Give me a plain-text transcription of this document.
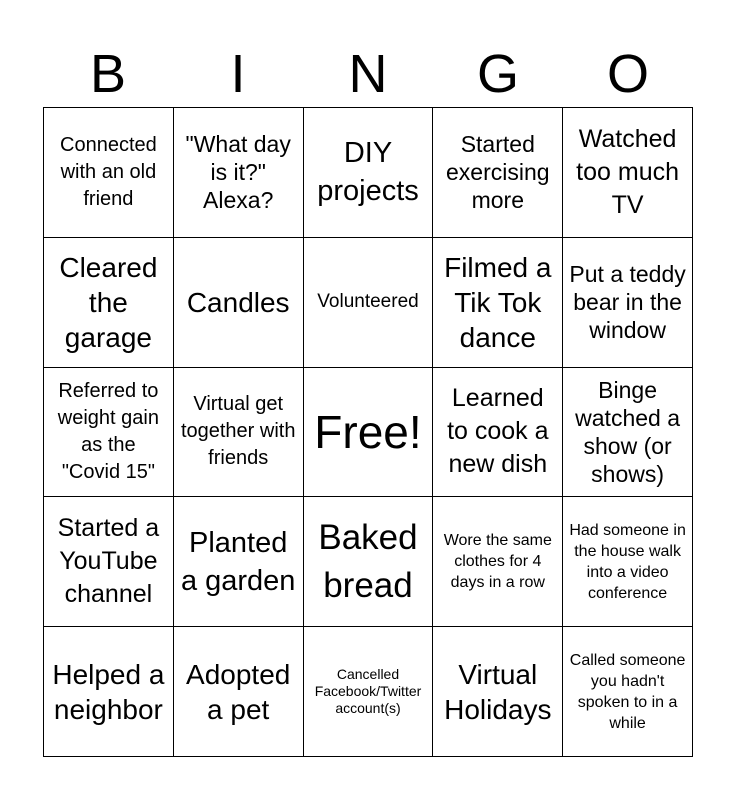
B	I	N	G	O
Connected with an old friend
"What day is it?" Alexa?
DIY projects
Started exercising more
Watched too much TV
Cleared the garage
Candles	Volunteered
Filmed a Tik Tok dance
Put a teddy bear in the window
Referred to weight gain as the "Covid 15"
Virtual get together with friends
Free!
Learned to cook a new dish
Binge watched a show (or shows)
Started a YouTube channel
Planted a garden
Baked bread
Wore the same clothes for 4 days in a row
Had someone in the house walk into a video conference
Helped a neighbor
Adopted a pet
Cancelled Facebook/Twitter account(s)
Virtual Holidays
Called someone you hadn't spoken to in a while
